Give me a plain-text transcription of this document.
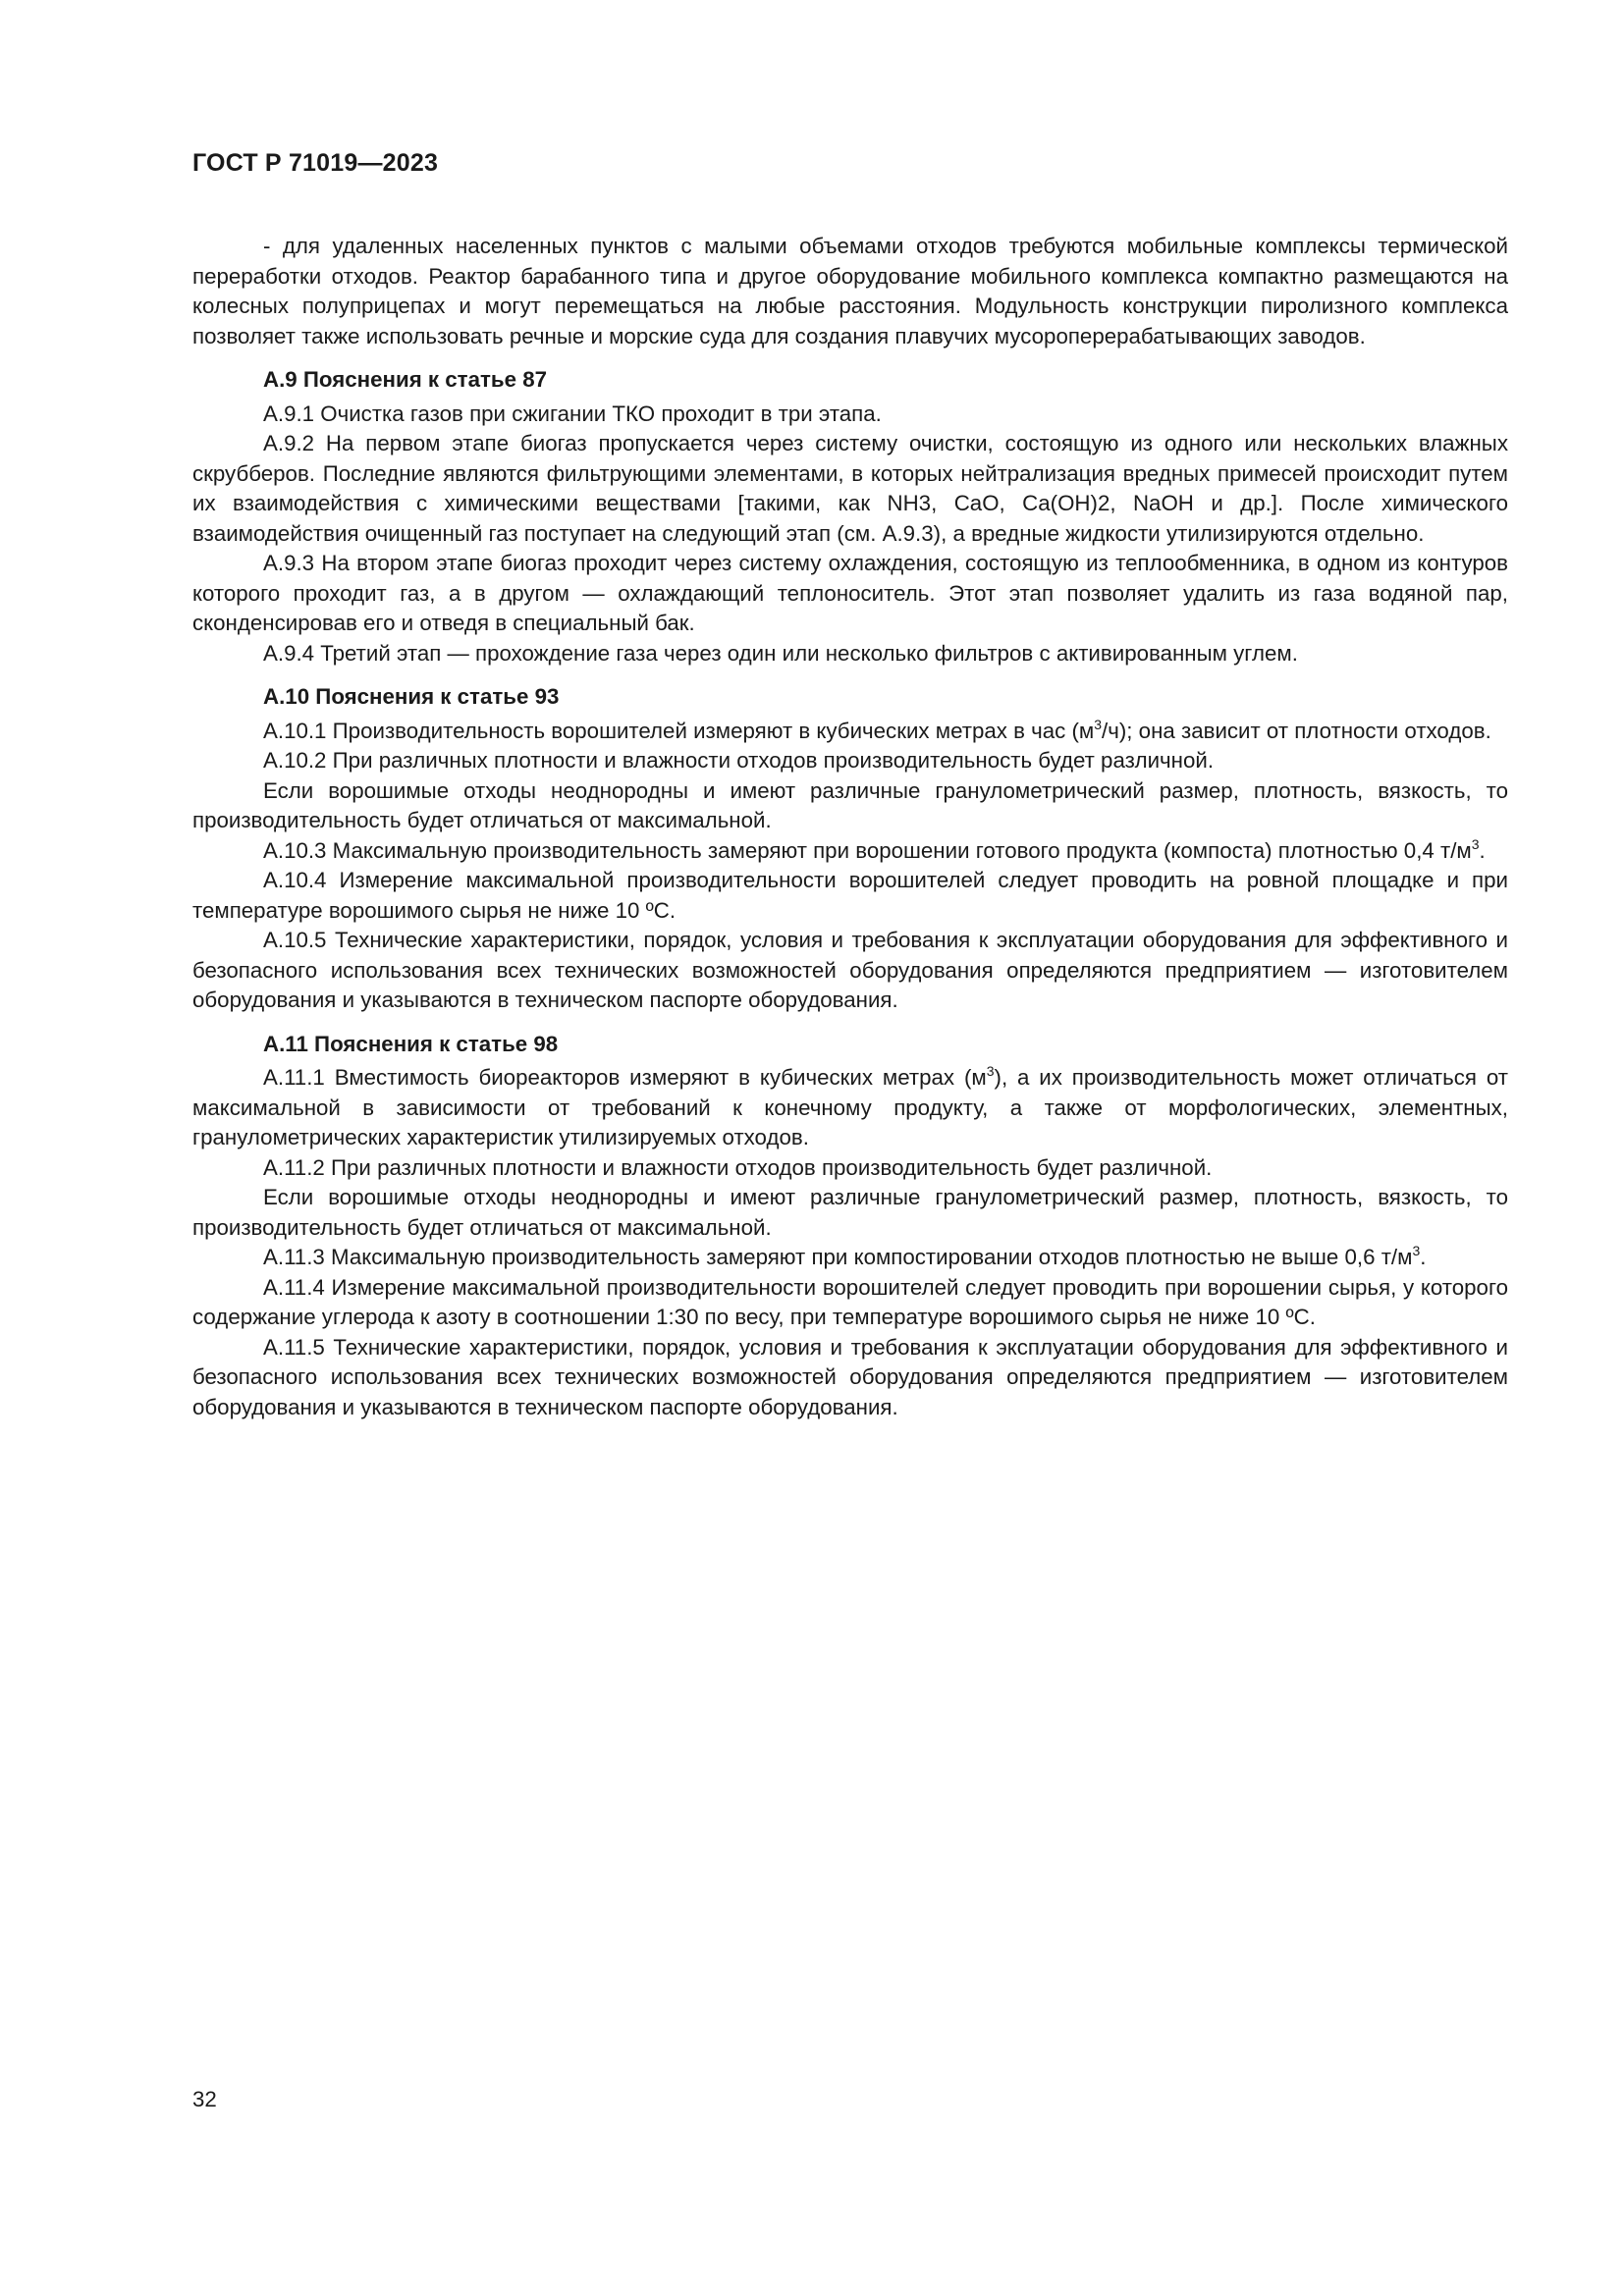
ГОСТ Р 71019—2023

- для удаленных населенных пунктов с малыми объемами отходов требуются мобильные комплексы термической переработки отходов. Реактор барабанного типа и другое оборудование мобильного комплекса компактно размещаются на колесных полуприцепах и могут перемещаться на любые расстояния. Модульность конструкции пиролизного комплекса позволяет также использовать речные и морские суда для создания плавучих мусороперерабатывающих заводов.

А.9 Пояснения к статье 87

А.9.1 Очистка газов при сжигании ТКО проходит в три этапа.

А.9.2 На первом этапе биогаз пропускается через систему очистки, состоящую из одного или нескольких влажных скрубберов. Последние являются фильтрующими элементами, в которых нейтрализация вредных примесей происходит путем их взаимодействия с химическими веществами [такими, как NH3, CaO, Ca(OH)2, NaOH и др.]. После химического взаимодействия очищенный газ поступает на следующий этап (см. А.9.3), а вредные жидкости утилизируются отдельно.

А.9.3 На втором этапе биогаз проходит через систему охлаждения, состоящую из теплообменника, в одном из контуров которого проходит газ, а в другом — охлаждающий теплоноситель. Этот этап позволяет удалить из газа водяной пар, сконденсировав его и отведя в специальный бак.

А.9.4 Третий этап — прохождение газа через один или несколько фильтров с активированным углем.

А.10 Пояснения к статье 93

А.10.1 Производительность ворошителей измеряют в кубических метрах в час $(м^3/ч)$; она зависит от плотности отходов.

А.10.2 При различных плотности и влажности отходов производительность будет различной.

Если ворошимые отходы неоднородны и имеют различные гранулометрический размер, плотность, вязкость, то производительность будет отличаться от максимальной.

А.10.3 Максимальную производительность замеряют при ворошении готового продукта (компоста) плотностью 0,4 $т/м^3$.

А.10.4 Измерение максимальной производительности ворошителей следует проводить на ровной площадке и при температуре ворошимого сырья не ниже 10 ºС.

А.10.5 Технические характеристики, порядок, условия и требования к эксплуатации оборудования для эффективного и безопасного использования всех технических возможностей оборудования определяются предприятием — изготовителем оборудования и указываются в техническом паспорте оборудования.

А.11 Пояснения к статье 98

А.11.1 Вместимость биореакторов измеряют в кубических метрах $(м^3)$, а их производительность может отличаться от максимальной в зависимости от требований к конечному продукту, а также от морфологических, элементных, гранулометрических характеристик утилизируемых отходов.

А.11.2 При различных плотности и влажности отходов производительность будет различной.

Если ворошимые отходы неоднородны и имеют различные гранулометрический размер, плотность, вязкость, то производительность будет отличаться от максимальной.

А.11.3 Максимальную производительность замеряют при компостировании отходов плотностью не выше 0,6 $т/м^3$.

А.11.4 Измерение максимальной производительности ворошителей следует проводить при ворошении сырья, у которого содержание углерода к азоту в соотношении 1:30 по весу, при температуре ворошимого сырья не ниже 10 ºС.

А.11.5 Технические характеристики, порядок, условия и требования к эксплуатации оборудования для эффективного и безопасного использования всех технических возможностей оборудования определяются предприятием — изготовителем оборудования и указываются в техническом паспорте оборудования.

32
